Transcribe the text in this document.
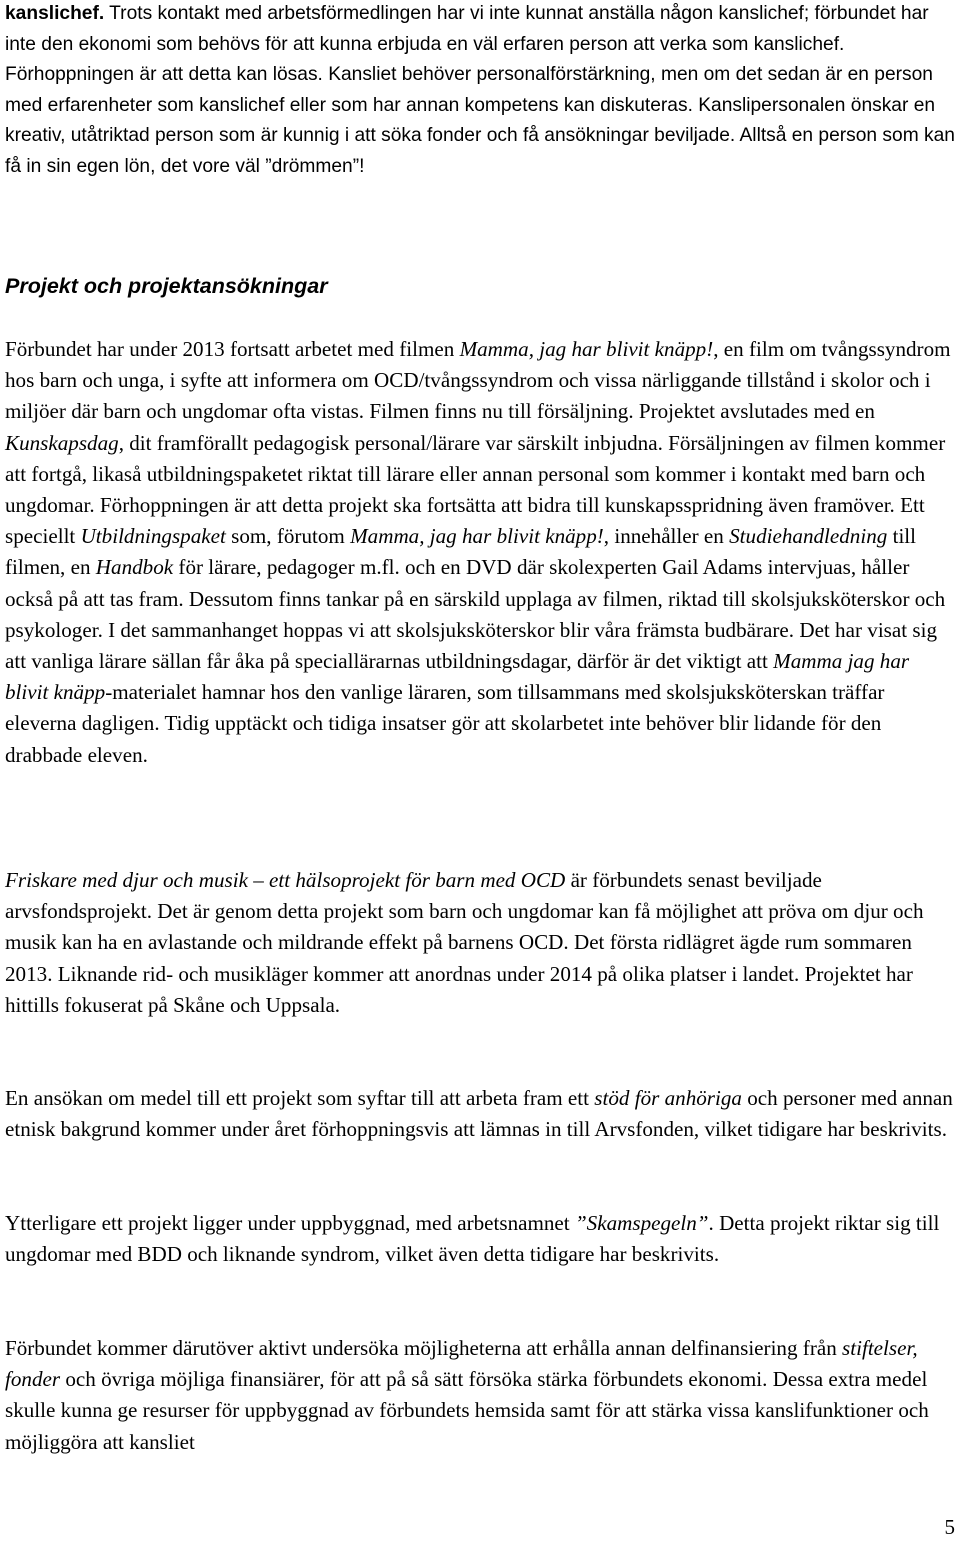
kanslichef. Trots kontakt med arbetsförmedlingen har vi inte kunnat anställa någon kanslichef; förbundet har inte den ekonomi som behövs för att kunna erbjuda en väl erfaren person att verka som kanslichef. Förhoppningen är att detta kan lösas. Kansliet behöver personalförstärkning, men om det sedan är en person med erfarenheter som kanslichef eller som har annan kompetens kan diskuteras. Kanslipersonalen önskar en kreativ, utåtriktad person som är kunnig i att söka fonder och få ansökningar beviljade. Alltså en person som kan få in sin egen lön, det vore väl ”drömmen”!

Projekt och projektansökningar

Förbundet har under 2013 fortsatt arbetet med filmen Mamma, jag har blivit knäpp!, en film om tvångssyndrom hos barn och unga, i syfte att informera om OCD/tvångssyndrom och vissa närliggande tillstånd i skolor och i miljöer där barn och ungdomar ofta vistas. Filmen finns nu till försäljning. Projektet avslutades med en Kunskapsdag, dit framförallt pedagogisk personal/lärare var särskilt inbjudna. Försäljningen av filmen kommer att fortgå, likaså utbildningspaketet riktat till lärare eller annan personal som kommer i kontakt med barn och ungdomar. Förhoppningen är att detta projekt ska fortsätta att bidra till kunskapsspridning även framöver. Ett speciellt Utbildningspaket som, förutom Mamma, jag har blivit knäpp!, innehåller en Studiehandledning till filmen, en Handbok för lärare, pedagoger m.fl. och en DVD där skolexperten Gail Adams intervjuas, håller också på att tas fram. Dessutom finns tankar på en särskild upplaga av filmen, riktad till skolsjuksköterskor och psykologer. I det sammanhanget hoppas vi att skolsjuksköterskor blir våra främsta budbärare. Det har visat sig att vanliga lärare sällan får åka på speciallärarnas utbildningsdagar, därför är det viktigt att Mamma jag har blivit knäpp-materialet hamnar hos den vanlige läraren, som tillsammans med skolsjuksköterskan träffar eleverna dagligen. Tidig upptäckt och tidiga insatser gör att skolarbetet inte behöver blir lidande för den drabbade eleven.

Friskare med djur och musik – ett hälsoprojekt för barn med OCD är förbundets senast beviljade arvsfondsprojekt. Det är genom detta projekt som barn och ungdomar kan få möjlighet att pröva om djur och musik kan ha en avlastande och mildrande effekt på barnens OCD. Det första ridlägret ägde rum sommaren 2013. Liknande rid- och musikläger kommer att anordnas under 2014 på olika platser i landet. Projektet har hittills fokuserat på Skåne och Uppsala.

En ansökan om medel till ett projekt som syftar till att arbeta fram ett stöd för anhöriga och personer med annan etnisk bakgrund kommer under året förhoppningsvis att lämnas in till Arvsfonden, vilket tidigare har beskrivits.

Ytterligare ett projekt ligger under uppbyggnad, med arbetsnamnet ”Skamspegeln”. Detta projekt riktar sig till ungdomar med BDD och liknande syndrom, vilket även detta tidigare har beskrivits.

Förbundet kommer därutöver aktivt undersöka möjligheterna att erhålla annan delfinansiering från stiftelser, fonder och övriga möjliga finansiärer, för att på så sätt försöka stärka förbundets ekonomi. Dessa extra medel skulle kunna ge resurser för uppbyggnad av förbundets hemsida samt för att stärka vissa kanslifunktioner och möjliggöra att kansliet

5
